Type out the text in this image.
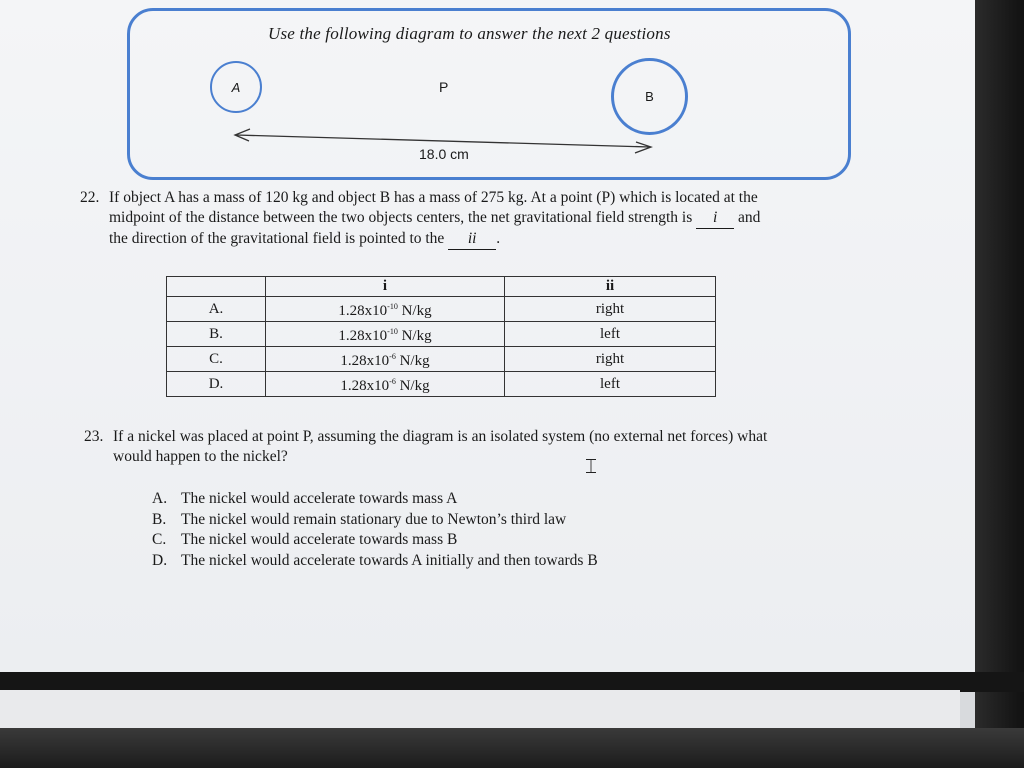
Use the following diagram to answer the next 2 questions
A	P
B
18.0 cm
22. If object A has a mass of 120 kg and object B has a mass of 275 kg. At a point (P) which is located at the
midpoint of the distance between the two objects centers, the net gravitational field strength is i and
the direction of the gravitational field is pointed to the ii .
	i	ii
A.	$1.28x10^{-10}$ N/kg	right
B.	$1.28x10^{-10}$ N/kg	left
C.	$1.28x10^{-6}$ N/kg	right
D.	$1.28x10^{-6}$ N/kg	left
23. If a nickel was placed at point P, assuming the diagram is an isolated system (no external net forces) what
would happen to the nickel?	⌶
A. The nickel would accelerate towards mass A
B. The nickel would remain stationary due to Newton’s third law
C. The nickel would accelerate towards mass B
D. The nickel would accelerate towards A initially and then towards B
